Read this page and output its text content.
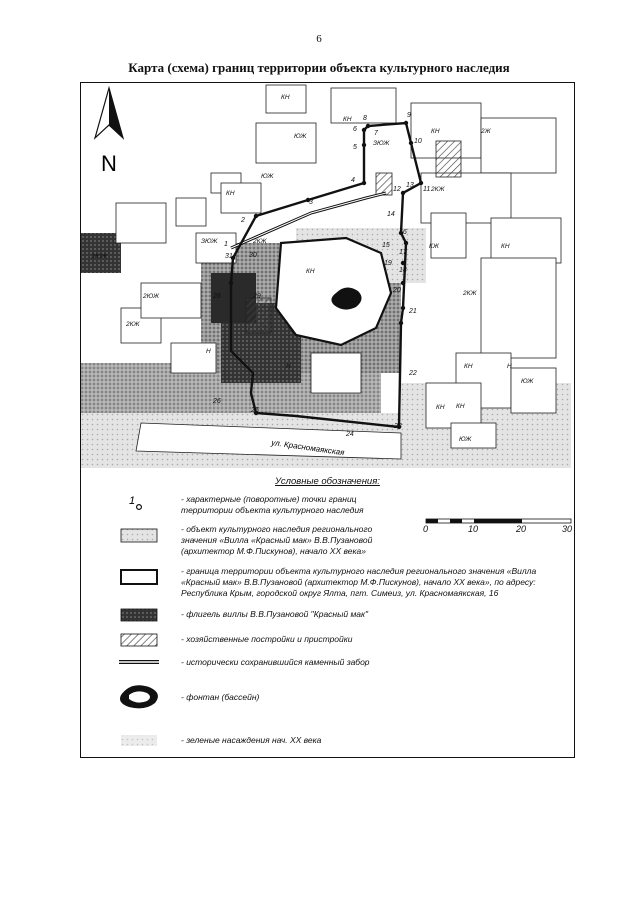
6
Карта (схема) границ территории объекта культурного наследия
ул. Красномаякская
N
КН
КН
ЮЖ
ЮЖ
КН
ЗЮЖ
ЗЮЖ	2КЖ
ЗЮЖ
КН	2Ж
2КЖ
КЖ	КН
2КЖ
Н
2КЖ
Н
КН
КН
Н
КН
ЮЖ
ЮЖ
2ЮЖ
КН
1
2
3
4
5
6
7
8	9
10
11
12
13
14
15
16
17
18
19
20
21
22
23
24
25
26
28	29
30
31
1
Условные обозначения:
- характерные (поворотные) точки границ территории объекта культурного наследия
- объект культурного наследия регионального значения «Вилла «Красный мак» В.В.Пузановой (архитектор М.Ф.Пискунов), начало XX века»
- граница территории объекта культурного наследия регионального значения «Вилла «Красный мак» В.В.Пузановой (архитектор М.Ф.Пискунов), начало XX века», по адресу: Республика Крым, городской округ Ялта, пгт. Симеиз, ул. Красномаякская, 16
- флигель виллы В.В.Пузановой "Красный мак"
- хозяйственные постройки и пристройки
- исторически сохранившийся каменный забор
- фонтан (бассейн)
- зеленые насаждения нач. XX века
0	10	20	30
